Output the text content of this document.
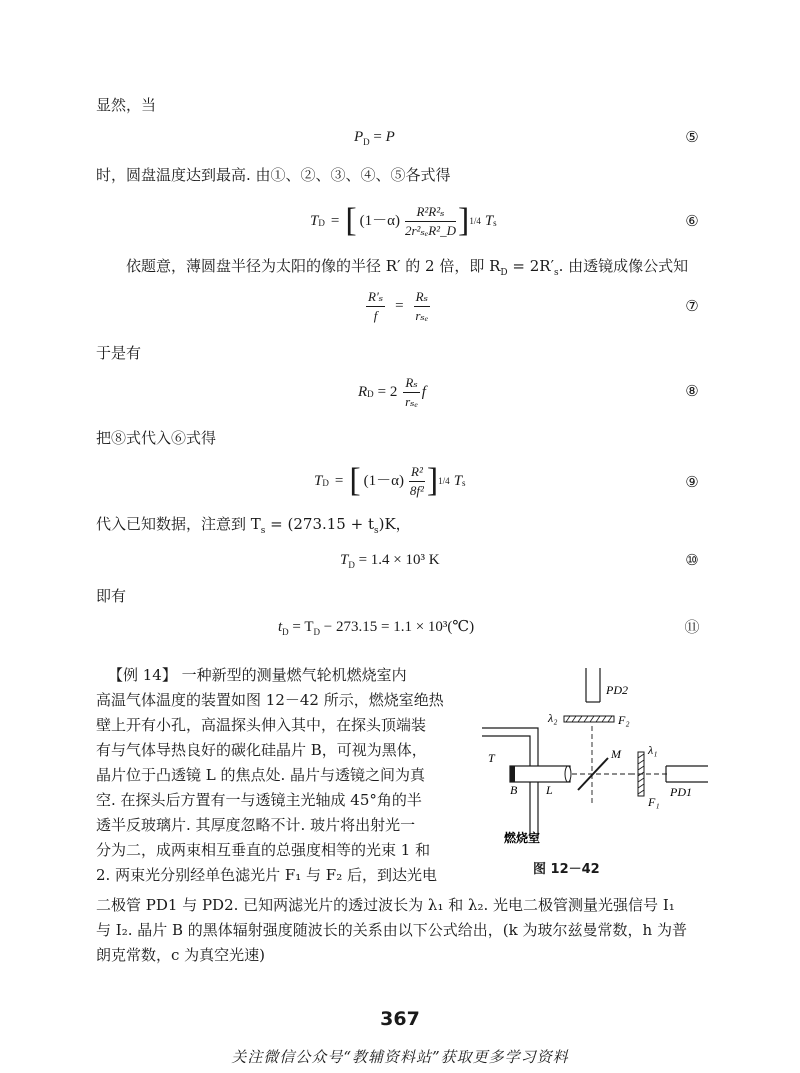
显然，当
$P_D = P$	⑤
时，圆盘温度达到最高. 由①、②、③、④、⑤各式得
T D = [ $(1-\alpha) \frac{\text{R²R²ₛ}}{\text{2r²ₛₑR²\_D}}$ ] 1/4 T s	⑥
依题意，薄圆盘半径为太阳的像的半径 R′ 的 2 倍，即 $R_D = 2R'_s$. 由透镜成像公式知
$\frac{\text{R′ₛ}}{f} = \frac{\text{Rₛ}}{\text{rₛₑ}}$	⑦
于是有
R $D = 2 \frac{\text{Rₛ}}{\text{rₛₑ}}$ f	⑧
把⑧式代入⑥式得
T D = [ $(1-\alpha) \frac{\text{R²}}{\text{8f²}}$ ] 1/4 T s	⑨
代入已知数据，注意到 $T_s = (273.15 + t_s)K$，
$T_D = 1.4 \times 10^3$ K	⑩
即有
$t_D = T_D - 273.15 = 1.1$ × 10³(℃)	⑪
【例 14】 一种新型的测量燃气轮机燃烧室内
高温气体温度的装置如图 12－42 所示，燃烧室绝热
壁上开有小孔，高温探头伸入其中，在探头顶端装
有与气体导热良好的碳化硅晶片 B，可视为黑体，
晶片位于凸透镜 L 的焦点处. 晶片与透镜之间为真
空. 在探头后方置有一与透镜主光轴成 45°角的半
透半反玻璃片. 其厚度忽略不计. 玻片将出射光一
分为二，成两束相互垂直的总强度相等的光束 1 和
2. 两束光分别经单色滤光片 F₁ 与 F₂ 后，到达光电
二极管 PD1 与 PD2. 已知两滤光片的透过波长为 λ₁ 和 λ₂. 光电二极管测量光强信号 I₁
与 I₂. 晶片 B 的黑体辐射强度随波长的关系由以下公式给出，(k 为玻尔兹曼常数，h 为普
朗克常数，c 为真空光速)
PD2
λ₂	F₂
T
B L
M λ₁
F₁
PD1
燃烧室
图 12－42
367
关注微信公众号“教辅资料站”获取更多学习资料
